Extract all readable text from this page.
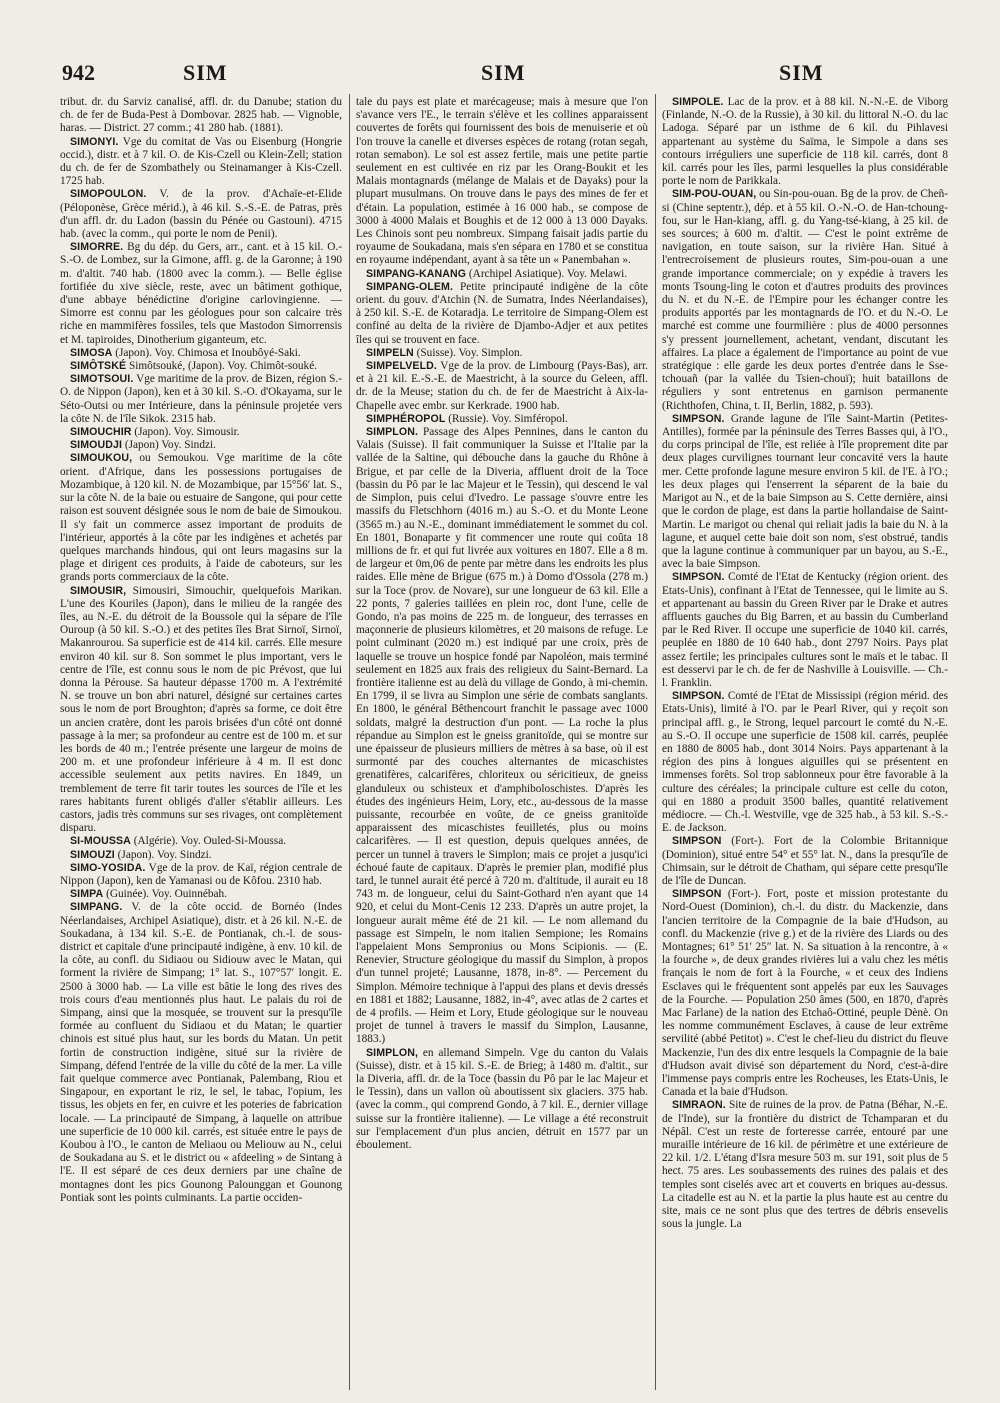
942	SIM	SIM	SIM

tribut. dr. du Sarviz canalisé, affl. dr. du Danube; station du ch. de fer de Buda-Pest à Dombovar. 2825 hab. — Vignoble, haras. — District. 27 comm.; 41 280 hab. (1881).

SIMONYI. Vge du comitat de Vas ou Eisenburg (Hongrie occid.), distr. et à 7 kil. O. de Kis-Czell ou Klein-Zell; station du ch. de fer de Szombathely ou Steinamanger à Kis-Czell. 1725 hab.

SIMOPOULON. V. de la prov. d'Achaïe-et-Elide (Péloponèse, Grèce mérid.), à 46 kil. S.-S.-E. de Patras, près d'un affl. dr. du Ladon (bassin du Pénée ou Gastouni). 4715 hab. (avec la comm., qui porte le nom de Penii).

SIMORRE. Bg du dép. du Gers, arr., cant. et à 15 kil. O.-S.-O. de Lombez, sur la Gimone, affl. g. de la Garonne; à 190 m. d'altit. 740 hab. (1800 avec la comm.). — Belle église fortifiée du xive siècle, reste, avec un bâtiment gothique, d'une abbaye bénédictine d'origine carlovingienne. — Simorre est connu par les géologues pour son calcaire très riche en mammifères fossiles, tels que Mastodon Simorrensis et M. tapiroides, Dinotherium giganteum, etc.

SIMOSA (Japon). Voy. Chimosa et Inoubôyé-Saki.

SIMÔTSKÉ Simôtsouké, (Japon). Voy. Chimôt-souké.

SIMOTSOUI. Vge maritime de la prov. de Bizen, région S.-O. de Nippon (Japon), ken et à 30 kil. S.-O. d'Okayama, sur le Séto-Outsi ou mer Intérieure, dans la péninsule projetée vers la côte N. de l'île Sikok. 2315 hab.

SIMOUCHIR (Japon). Voy. Simousir.

SIMOUDJI (Japon) Voy. Sindzi.

SIMOUKOU, ou Semoukou. Vge maritime de la côte orient. d'Afrique, dans les possessions portugaises de Mozambique, à 120 kil. N. de Mozambique, par 15°56′ lat. S., sur la côte N. de la baie ou estuaire de Sangone, qui pour cette raison est souvent désignée sous le nom de baie de Simoukou. Il s'y fait un commerce assez important de produits de l'intérieur, apportés à la côte par les indigènes et achetés par quelques marchands hindous, qui ont leurs magasins sur la plage et dirigent ces produits, à l'aide de caboteurs, sur les grands ports commerciaux de la côte.

SIMOUSIR, Simousiri, Simouchir, quelquefois Marikan. L'une des Kouriles (Japon), dans le milieu de la rangée des îles, au N.-E. du détroit de la Boussole qui la sépare de l'île Ouroup (à 50 kil. S.-O.) et des petites îles Brat Sirnoï, Sirnoï, Makanrourou. Sa superficie est de 414 kil. carrés. Elle mesure environ 40 kil. sur 8. Son sommet le plus important, vers le centre de l'île, est connu sous le nom de pic Prévost, que lui donna la Pérouse. Sa hauteur dépasse 1700 m. A l'extrémité N. se trouve un bon abri naturel, désigné sur certaines cartes sous le nom de port Broughton; d'après sa forme, ce doit être un ancien cratère, dont les parois brisées d'un côté ont donné passage à la mer; sa profondeur au centre est de 100 m. et sur les bords de 40 m.; l'entrée présente une largeur de moins de 200 m. et une profondeur inférieure à 4 m. Il est donc accessible seulement aux petits navires. En 1849, un tremblement de terre fit tarir toutes les sources de l'île et les rares habitants furent obligés d'aller s'établir ailleurs. Les castors, jadis très communs sur ses rivages, ont complètement disparu.

SI-MOUSSA (Algérie). Voy. Ouled-Si-Moussa.

SIMOUZI (Japon). Voy. Sindzi.

SIMO-YOSIDA. Vge de la prov. de Kaï, région centrale de Nippon (Japon), ken de Yamanasi ou de Kôfou. 2310 hab.

SIMPA (Guinée). Voy. Ouinnébah.

SIMPANG. V. de la côte occid. de Bornéo (Indes Néerlandaises, Archipel Asiatique), distr. et à 26 kil. N.-E. de Soukadana, à 134 kil. S.-E. de Pontianak, ch.-l. de sous-district et capitale d'une principauté indigène, à env. 10 kil. de la côte, au confl. du Sidiaou ou Sidiouw avec le Matan, qui forment la rivière de Simpang; 1° lat. S., 107°57′ longit. E. 2500 à 3000 hab. — La ville est bâtie le long des rives des trois cours d'eau mentionnés plus haut. Le palais du roi de Simpang, ainsi que la mosquée, se trouvent sur la presqu'île formée au confluent du Sidiaou et du Matan; le quartier chinois est situé plus haut, sur les bords du Matan. Un petit fortin de construction indigène, situé sur la rivière de Simpang, défend l'entrée de la ville du côté de la mer. La ville fait quelque commerce avec Pontianak, Palembang, Riou et Singapour, en exportant le riz, le sel, le tabac, l'opium, les tissus, les objets en fer, en cuivre et les poteries de fabrication locale. — La principauté de Simpang, à laquelle on attribue une superficie de 10 000 kil. carrés, est située entre le pays de Koubou à l'O., le canton de Meliaou ou Meliouw au N., celui de Soukadana au S. et le district ou « afdeeling » de Sintang à l'E. Il est séparé de ces deux derniers par une chaîne de montagnes dont les pics Gounong Palounggan et Gounong Pontiak sont les points culminants. La partie occiden-

tale du pays est plate et marécageuse; mais à mesure que l'on s'avance vers l'E., le terrain s'élève et les collines apparaissent couvertes de forêts qui fournissent des bois de menuiserie et où l'on trouve la canelle et diverses espèces de rotang (rotan segah, rotan semabon). Le sol est assez fertile, mais une petite partie seulement en est cultivée en riz par les Orang-Boukit et les Malais montagnards (mélange de Malais et de Dayaks) pour la plupart musulmans. On trouve dans le pays des mines de fer et d'étain. La population, estimée à 16 000 hab., se compose de 3000 à 4000 Malais et Boughis et de 12 000 à 13 000 Dayaks. Les Chinois sont peu nombreux. Simpang faisait jadis partie du royaume de Soukadana, mais s'en sépara en 1780 et se constitua en royaume indépendant, ayant à sa tête un « Panembahan ».

SIMPANG-KANANG (Archipel Asiatique). Voy. Melawi.

SIMPANG-OLEM. Petite principauté indigène de la côte orient. du gouv. d'Atchin (N. de Sumatra, Indes Néerlandaises), à 250 kil. S.-E. de Kotaradja. Le territoire de Simpang-Olem est confiné au delta de la rivière de Djambo-Adjer et aux petites îles qui se trouvent en face.

SIMPELN (Suisse). Voy. Simplon.

SIMPELVELD. Vge de la prov. de Limbourg (Pays-Bas), arr. et à 21 kil. E.-S.-E. de Maestricht, à la source du Geleen, affl. dr. de la Meuse; station du ch. de fer de Maestricht à Aix-la-Chapelle avec embr. sur Kerkrade. 1900 hab.

SIMPHÉROPOL (Russie). Voy. Simféropol.

SIMPLON. Passage des Alpes Pennines, dans le canton du Valais (Suisse). Il fait communiquer la Suisse et l'Italie par la vallée de la Saltine, qui débouche dans la gauche du Rhône à Brigue, et par celle de la Diveria, affluent droit de la Toce (bassin du Pô par le lac Majeur et le Tessin), qui descend le val de Simplon, puis celui d'Ivedro. Le passage s'ouvre entre les massifs du Fletschhorn (4016 m.) au S.-O. et du Monte Leone (3565 m.) au N.-E., dominant immédiatement le sommet du col. En 1801, Bonaparte y fit commencer une route qui coûta 18 millions de fr. et qui fut livrée aux voitures en 1807. Elle a 8 m. de largeur et 0m,06 de pente par mètre dans les endroits les plus raides. Elle mène de Brigue (675 m.) à Domo d'Ossola (278 m.) sur la Toce (prov. de Novare), sur une longueur de 63 kil. Elle a 22 ponts, 7 galeries taillées en plein roc, dont l'une, celle de Gondo, n'a pas moins de 225 m. de longueur, des terrasses en maçonnerie de plusieurs kilomètres, et 20 maisons de refuge. Le point culminant (2020 m.) est indiqué par une croix, près de laquelle se trouve un hospice fondé par Napoléon, mais terminé seulement en 1825 aux frais des religieux du Saint-Bernard. La frontière italienne est au delà du village de Gondo, à mi-chemin. En 1799, il se livra au Simplon une série de combats sanglants. En 1800, le général Bêthencourt franchit le passage avec 1000 soldats, malgré la destruction d'un pont. — La roche la plus répandue au Simplon est le gneiss granitoïde, qui se montre sur une épaisseur de plusieurs milliers de mètres à sa base, où il est surmonté par des couches alternantes de micaschistes grenatifères, calcarifères, chloriteux ou séricitieux, de gneiss glanduleux ou schisteux et d'amphiboloschistes. D'après les études des ingénieurs Heim, Lory, etc., au-dessous de la masse puissante, recourbée en voûte, de ce gneiss granitoïde apparaissent des micaschistes feuilletés, plus ou moins calcarifères. — Il est question, depuis quelques années, de percer un tunnel à travers le Simplon; mais ce projet a jusqu'ici échoué faute de capitaux. D'après le premier plan, modifié plus tard, le tunnel aurait été percé à 720 m. d'altitude, il aurait eu 18 743 m. de longueur, celui du Saint-Gothard n'en ayant que 14 920, et celui du Mont-Cenis 12 233. D'après un autre projet, la longueur aurait même été de 21 kil. — Le nom allemand du passage est Simpeln, le nom italien Sempione; les Romains l'appelaient Mons Sempronius ou Mons Scipionis. — (E. Renevier, Structure géologique du massif du Simplon, à propos d'un tunnel projeté; Lausanne, 1878, in-8°. — Percement du Simplon. Mémoire technique à l'appui des plans et devis dressés en 1881 et 1882; Lausanne, 1882, in-4°, avec atlas de 2 cartes et de 4 profils. — Heim et Lory, Etude géologique sur le nouveau projet de tunnel à travers le massif du Simplon, Lausanne, 1883.)

SIMPLON, en allemand Simpeln. Vge du canton du Valais (Suisse), distr. et à 15 kil. S.-E. de Brieg; à 1480 m. d'altit., sur la Diveria, affl. dr. de la Toce (bassin du Pô par le lac Majeur et le Tessin), dans un vallon où aboutissent six glaciers. 375 hab. (avec la comm., qui comprend Gondo, à 7 kil. E., dernier village suisse sur la frontière italienne). — Le village a été reconstruit sur l'emplacement d'un plus ancien, détruit en 1577 par un éboulement.

SIMPOLE. Lac de la prov. et à 88 kil. N.-N.-E. de Viborg (Finlande, N.-O. de la Russie), à 30 kil. du littoral N.-O. du lac Ladoga. Séparé par un isthme de 6 kil. du Pihlavesi appartenant au système du Saïma, le Simpole a dans ses contours irréguliers une superficie de 118 kil. carrés, dont 8 kil. carrés pour les îles, parmi lesquelles la plus considérable porte le nom de Parikkala.

SIM-POU-OUAN, ou Sin-pou-ouan. Bg de la prov. de Cheñ-si (Chine septentr.), dép. et à 55 kil. O.-N.-O. de Han-tchoung-fou, sur le Han-kiang, affl. g. du Yang-tsé-kiang, à 25 kil. de ses sources; à 600 m. d'altit. — C'est le point extrême de navigation, en toute saison, sur la rivière Han. Situé à l'entrecroisement de plusieurs routes, Sim-pou-ouan a une grande importance commerciale; on y expédie à travers les monts Tsoung-ling le coton et d'autres produits des provinces du N. et du N.-E. de l'Empire pour les échanger contre les produits apportés par les montagnards de l'O. et du N.-O. Le marché est comme une fourmilière : plus de 4000 personnes s'y pressent journellement, achetant, vendant, discutant les affaires. La place a également de l'importance au point de vue stratégique : elle garde les deux portes d'entrée dans le Sse-tchouañ (par la vallée du Tsien-chouï); huit bataillons de réguliers y sont entretenus en garnison permanente (Richthofen, China, t. II, Berlin, 1882, p. 593).

SIMPSON. Grande lagune de l'île Saint-Martin (Petites-Antilles), formée par la péninsule des Terres Basses qui, à l'O., du corps principal de l'île, est reliée à l'île proprement dite par deux plages curvilignes tournant leur concavité vers la haute mer. Cette profonde lagune mesure environ 5 kil. de l'E. à l'O.; les deux plages qui l'enserrent la séparent de la baie du Marigot au N., et de la baie Simpson au S. Cette dernière, ainsi que le cordon de plage, est dans la partie hollandaise de Saint-Martin. Le marigot ou chenal qui reliait jadis la baie du N. à la lagune, et auquel cette baie doit son nom, s'est obstrué, tandis que la lagune continue à communiquer par un bayou, au S.-E., avec la baie Simpson.

SIMPSON. Comté de l'Etat de Kentucky (région orient. des Etats-Unis), confinant à l'Etat de Tennessee, qui le limite au S. et appartenant au bassin du Green River par le Drake et autres affluents gauches du Big Barren, et au bassin du Cumberland par le Red River. Il occupe une superficie de 1040 kil. carrés, peuplée en 1880 de 10 640 hab., dont 2797 Noirs. Pays plat assez fertile; les principales cultures sont le maïs et le tabac. Il est desservi par le ch. de fer de Nashville à Louisville. — Ch.-l. Franklin.

SIMPSON. Comté de l'Etat de Mississipi (région mérid. des Etats-Unis), limité à l'O. par le Pearl River, qui y reçoit son principal affl. g., le Strong, lequel parcourt le comté du N.-E. au S.-O. Il occupe une superficie de 1508 kil. carrés, peuplée en 1880 de 8005 hab., dont 3014 Noirs. Pays appartenant à la région des pins à longues aiguilles qui se présentent en immenses forêts. Sol trop sablonneux pour être favorable à la culture des céréales; la principale culture est celle du coton, qui en 1880 a produit 3500 balles, quantité relativement médiocre. — Ch.-l. Westville, vge de 325 hab., à 53 kil. S.-S.-E. de Jackson.

SIMPSON (Fort-). Fort de la Colombie Britannique (Dominion), situé entre 54° et 55° lat. N., dans la presqu'île de Chimsain, sur le détroit de Chatham, qui sépare cette presqu'île de l'île de Duncan.

SIMPSON (Fort-). Fort, poste et mission protestante du Nord-Ouest (Dominion), ch.-l. du distr. du Mackenzie, dans l'ancien territoire de la Compagnie de la baie d'Hudson, au confl. du Mackenzie (rive g.) et de la rivière des Liards ou des Montagnes; 61° 51′ 25″ lat. N. Sa situation à la rencontre, à « la fourche », de deux grandes rivières lui a valu chez les métis français le nom de fort à la Fourche, « et ceux des Indiens Esclaves qui le fréquentent sont appelés par eux les Sauvages de la Fourche. — Population 250 âmes (500, en 1870, d'après Mac Farlane) de la nation des Etchaô-Ottiné, peuple Dènè. On les nomme communément Esclaves, à cause de leur extrême servilité (abbé Petitot) ». C'est le chef-lieu du district du fleuve Mackenzie, l'un des dix entre lesquels la Compagnie de la baie d'Hudson avait divisé son département du Nord, c'est-à-dire l'immense pays compris entre les Rocheuses, les Etats-Unis, le Canada et la baie d'Hudson.

SIMRAON. Site de ruines de la prov. de Patna (Béhar, N.-E. de l'Inde), sur la frontière du district de Tchamparan et du Népâl. C'est un reste de forteresse carrée, entouré par une muraille intérieure de 16 kil. de périmètre et une extérieure de 22 kil. 1/2. L'étang d'Isra mesure 503 m. sur 191, soit plus de 5 hect. 75 ares. Les soubassements des ruines des palais et des temples sont ciselés avec art et couverts en briques au-dessus. La citadelle est au N. et la partie la plus haute est au centre du site, mais ce ne sont plus que des tertres de débris ensevelis sous la jungle. La
